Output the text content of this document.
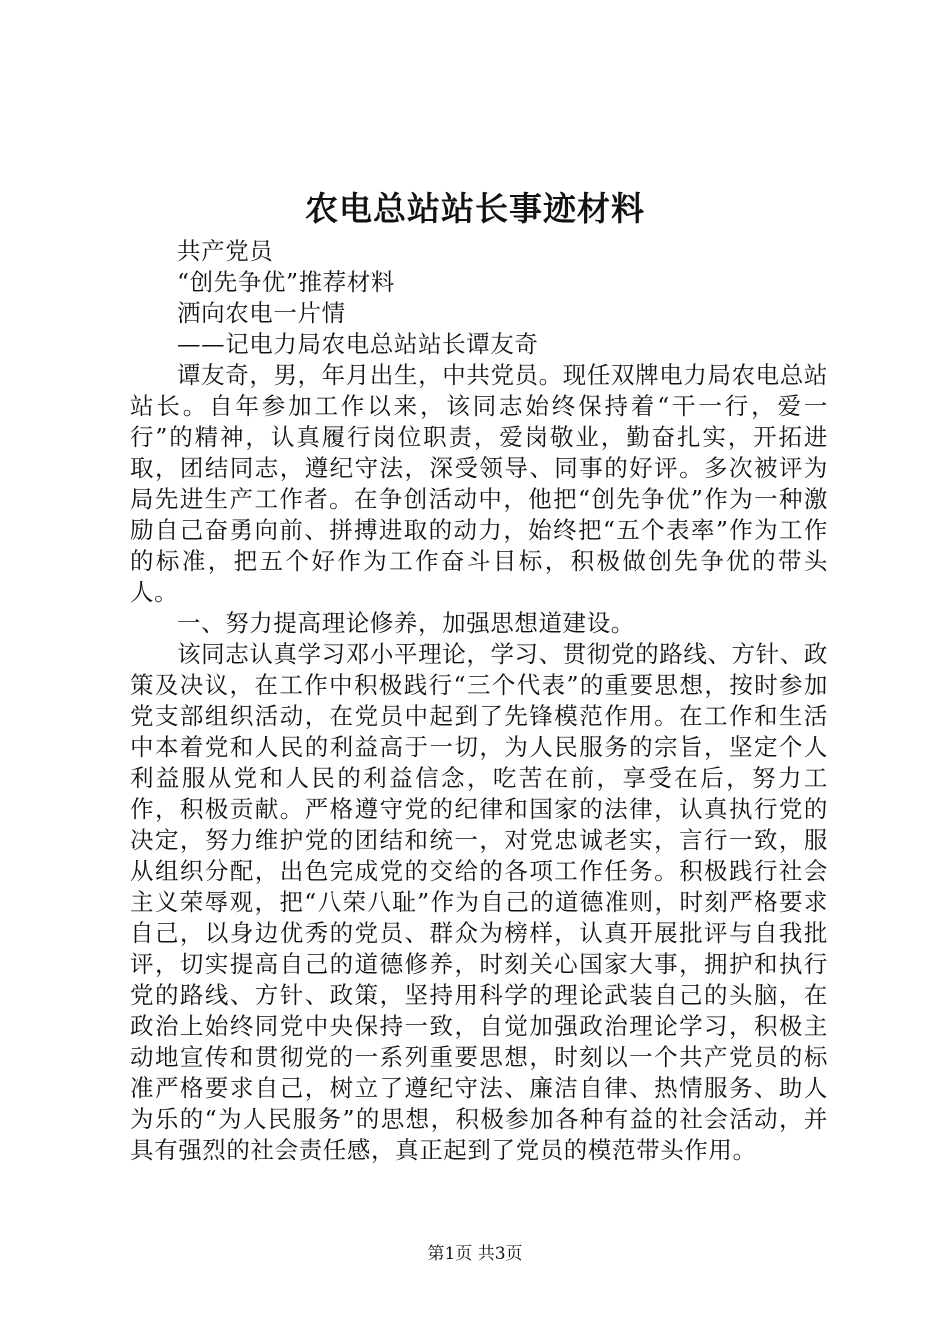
农电总站站长事迹材料

共产党员

“创先争优”推荐材料

洒向农电一片情

——记电力局农电总站站长谭友奇

谭友奇，男，年月出生，中共党员。现任双牌电力局农电总站站长。自年参加工作以来，该同志始终保持着“干一行，爱一行”的精神，认真履行岗位职责，爱岗敬业，勤奋扎实，开拓进取，团结同志，遵纪守法，深受领导、同事的好评。多次被评为局先进生产工作者。在争创活动中，他把“创先争优”作为一种激励自己奋勇向前、拼搏进取的动力，始终把“五个表率”作为工作的标准，把五个好作为工作奋斗目标，积极做创先争优的带头人。

一、努力提高理论修养，加强思想道建设。

该同志认真学习邓小平理论，学习、贯彻党的路线、方针、政策及决议，在工作中积极践行“三个代表”的重要思想，按时参加党支部组织活动，在党员中起到了先锋模范作用。在工作和生活中本着党和人民的利益高于一切，为人民服务的宗旨，坚定个人利益服从党和人民的利益信念，吃苦在前，享受在后，努力工作，积极贡献。严格遵守党的纪律和国家的法律，认真执行党的决定，努力维护党的团结和统一，对党忠诚老实，言行一致，服从组织分配，出色完成党的交给的各项工作任务。积极践行社会主义荣辱观，把“八荣八耻”作为自己的道德准则，时刻严格要求自己，以身边优秀的党员、群众为榜样，认真开展批评与自我批评，切实提高自己的道德修养，时刻关心国家大事，拥护和执行党的路线、方针、政策，坚持用科学的理论武装自己的头脑，在政治上始终同党中央保持一致，自觉加强政治理论学习，积极主动地宣传和贯彻党的一系列重要思想，时刻以一个共产党员的标准严格要求自己，树立了遵纪守法、廉洁自律、热情服务、助人为乐的“为人民服务”的思想，积极参加各种有益的社会活动，并具有强烈的社会责任感，真正起到了党员的模范带头作用。

第1页 共3页
